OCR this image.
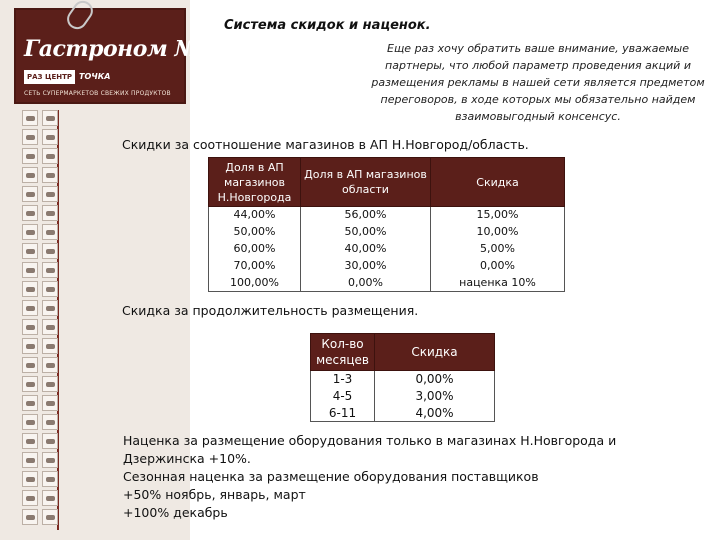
Гастроном №1
РАЗ ЦЕНТР ТОЧКА
СЕТЬ СУПЕРМАРКЕТОВ СВЕЖИХ ПРОДУКТОВ
Система скидок и наценок.
Еще раз хочу обратить ваше внимание, уважаемые партнеры, что любой параметр проведения акций и размещения рекламы в нашей сети является предметом переговоров, в ходе которых мы обязательно найдем взаимовыгодный консенсус.
Скидки за соотношение магазинов в АП Н.Новгород/область.
Доля в АП магазинов Н.Новгорода	Доля в АП магазинов области	Скидка
44,00%	56,00%	15,00%
50,00%	50,00%	10,00%
60,00%	40,00%	5,00%
70,00%	30,00%	0,00%
100,00%	0,00%	наценка 10%
Скидка за продолжительность размещения.
Кол-во месяцев	Скидка
1-3	0,00%
4-5	3,00%
6-11	4,00%
Наценка за размещение оборудования только в магазинах Н.Новгорода и
Дзержинска +10%.
Сезонная наценка за размещение оборудования поставщиков
+50% ноябрь, январь, март
+100% декабрь
